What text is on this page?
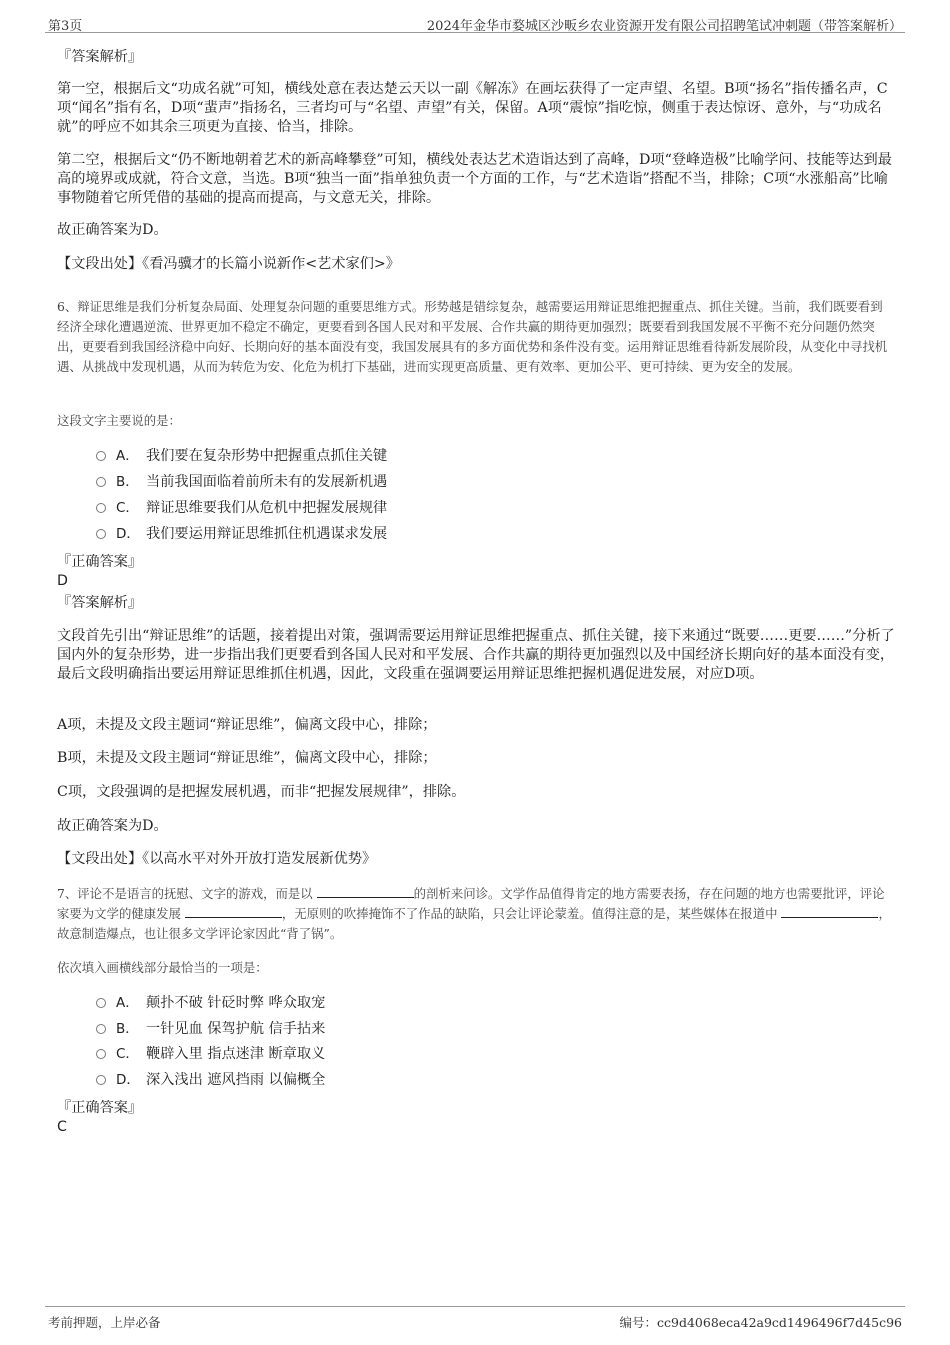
第3页	2024年金华市婺城区沙畈乡农业资源开发有限公司招聘笔试冲刺题（带答案解析）
『答案解析』
第一空，根据后文“功成名就”可知，横线处意在表达楚云天以一副《解冻》在画坛获得了一定声望、名望。B项“扬名”指传播名声，C项“闻名”指有名，D项“蜚声”指扬名，三者均可与“名望、声望”有关，保留。A项“震惊”指吃惊，侧重于表达惊讶、意外，与“功成名就”的呼应不如其余三项更为直接、恰当，排除。
第二空，根据后文“仍不断地朝着艺术的新高峰攀登”可知，横线处表达艺术造诣达到了高峰，D项“登峰造极”比喻学问、技能等达到最高的境界或成就，符合文意，当选。B项“独当一面”指单独负责一个方面的工作，与“艺术造诣”搭配不当，排除；C项“水涨船高”比喻事物随着它所凭借的基础的提高而提高，与文意无关，排除。
故正确答案为D。
【文段出处】《看冯骥才的长篇小说新作<艺术家们>》
6、辩证思维是我们分析复杂局面、处理复杂问题的重要思维方式。形势越是错综复杂，越需要运用辩证思维把握重点、抓住关键。当前，我们既要看到经济全球化遭遇逆流、世界更加不稳定不确定，更要看到各国人民对和平发展、合作共赢的期待更加强烈；既要看到我国发展不平衡不充分问题仍然突出，更要看到我国经济稳中向好、长期向好的基本面没有变，我国发展具有的多方面优势和条件没有变。运用辩证思维看待新发展阶段，从变化中寻找机遇、从挑战中发现机遇，从而为转危为安、化危为机打下基础，进而实现更高质量、更有效率、更加公平、更可持续、更为安全的发展。
这段文字主要说的是：
A． 我们要在复杂形势中把握重点抓住关键
B． 当前我国面临着前所未有的发展新机遇
C． 辩证思维要我们从危机中把握发展规律
D． 我们要运用辩证思维抓住机遇谋求发展
『正确答案』
D
『答案解析』
文段首先引出“辩证思维”的话题，接着提出对策，强调需要运用辩证思维把握重点、抓住关键，接下来通过“既要……更要……”分析了国内外的复杂形势，进一步指出我们更要看到各国人民对和平发展、合作共赢的期待更加强烈以及中国经济长期向好的基本面没有变，最后文段明确指出要运用辩证思维抓住机遇，因此，文段重在强调要运用辩证思维把握机遇促进发展，对应D项。
A项，未提及文段主题词“辩证思维”，偏离文段中心，排除；
B项，未提及文段主题词“辩证思维”，偏离文段中心，排除；
C项，文段强调的是把握发展机遇，而非“把握发展规律”，排除。
故正确答案为D。
【文段出处】《以高水平对外开放打造发展新优势》
7、评论不是语言的抚慰、文字的游戏，而是以	的剖析来问诊。文学作品值得肯定的地方需要表扬，存在问题的地方也需要批评，评论家要为文学的健康发展	，无原则的吹捧掩饰不了作品的缺陷，只会让评论蒙羞。值得注意的是，某些媒体在报道中	，故意制造爆点，也让很多文学评论家因此“背了锅”。
依次填入画横线部分最恰当的一项是：
A． 颠扑不破 针砭时弊 哗众取宠
B． 一针见血 保驾护航 信手拈来
C． 鞭辟入里 指点迷津 断章取义
D． 深入浅出 遮风挡雨 以偏概全
『正确答案』
C
考前押题，上岸必备	编号：cc9d4068eca42a9cd1496496f7d45c96
